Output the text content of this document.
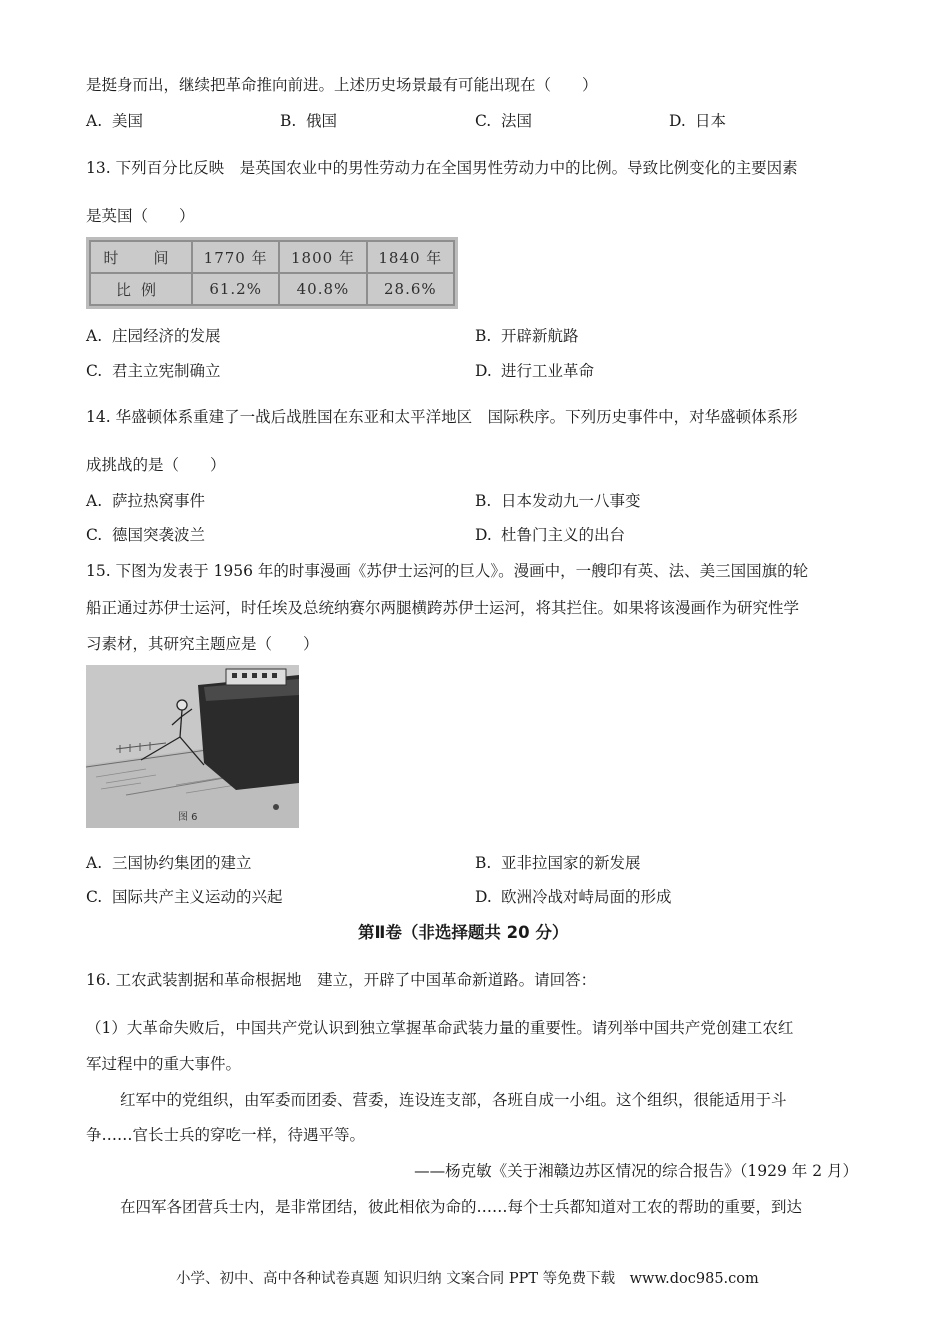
是挺身而出，继续把革命推向前进。上述历史场景最有可能出现在（　　）
A. 美国	B. 俄国	C. 法国	D. 日本
13. 下列百分比反映　是英国农业中的男性劳动力在全国男性劳动力中的比例。导致比例变化的主要因素
是英国（　　）
时　间	1770 年	1800 年	1840 年
比例	61.2%	40.8%	28.6%
A. 庄园经济的发展	B. 开辟新航路
C. 君主立宪制确立	D. 进行工业革命
14. 华盛顿体系重建了一战后战胜国在东亚和太平洋地区　国际秩序。下列历史事件中，对华盛顿体系形
成挑战的是（　　）
A. 萨拉热窝事件	B. 日本发动九一八事变
C. 德国突袭波兰	D. 杜鲁门主义的出台
15. 下图为发表于 1956 年的时事漫画《苏伊士运河的巨人》。漫画中，一艘印有英、法、美三国国旗的轮
船正通过苏伊士运河，时任埃及总统纳赛尔两腿横跨苏伊士运河，将其拦住。如果将该漫画作为研究性学
习素材，其研究主题应是（　　）
图 6
A. 三国协约集团的建立	B. 亚非拉国家的新发展
C. 国际共产主义运动的兴起	D. 欧洲冷战对峙局面的形成
第Ⅱ卷（非选择题共 20 分）
16. 工农武装割据和革命根据地　建立，开辟了中国革命新道路。请回答：
（1）大革命失败后，中国共产党认识到独立掌握革命武装力量的重要性。请列举中国共产党创建工农红
军过程中的重大事件。
红军中的党组织，由军委而团委、营委，连设连支部，各班自成一小组。这个组织，很能适用于斗
争……官长士兵的穿吃一样，待遇平等。
——杨克敏《关于湘赣边苏区情况的综合报告》（1929 年 2 月）
在四军各团营兵士内，是非常团结，彼此相依为命的……每个士兵都知道对工农的帮助的重要，到达
小学、初中、高中各种试卷真题 知识归纳 文案合同 PPT 等免费下载　www.doc985.com
